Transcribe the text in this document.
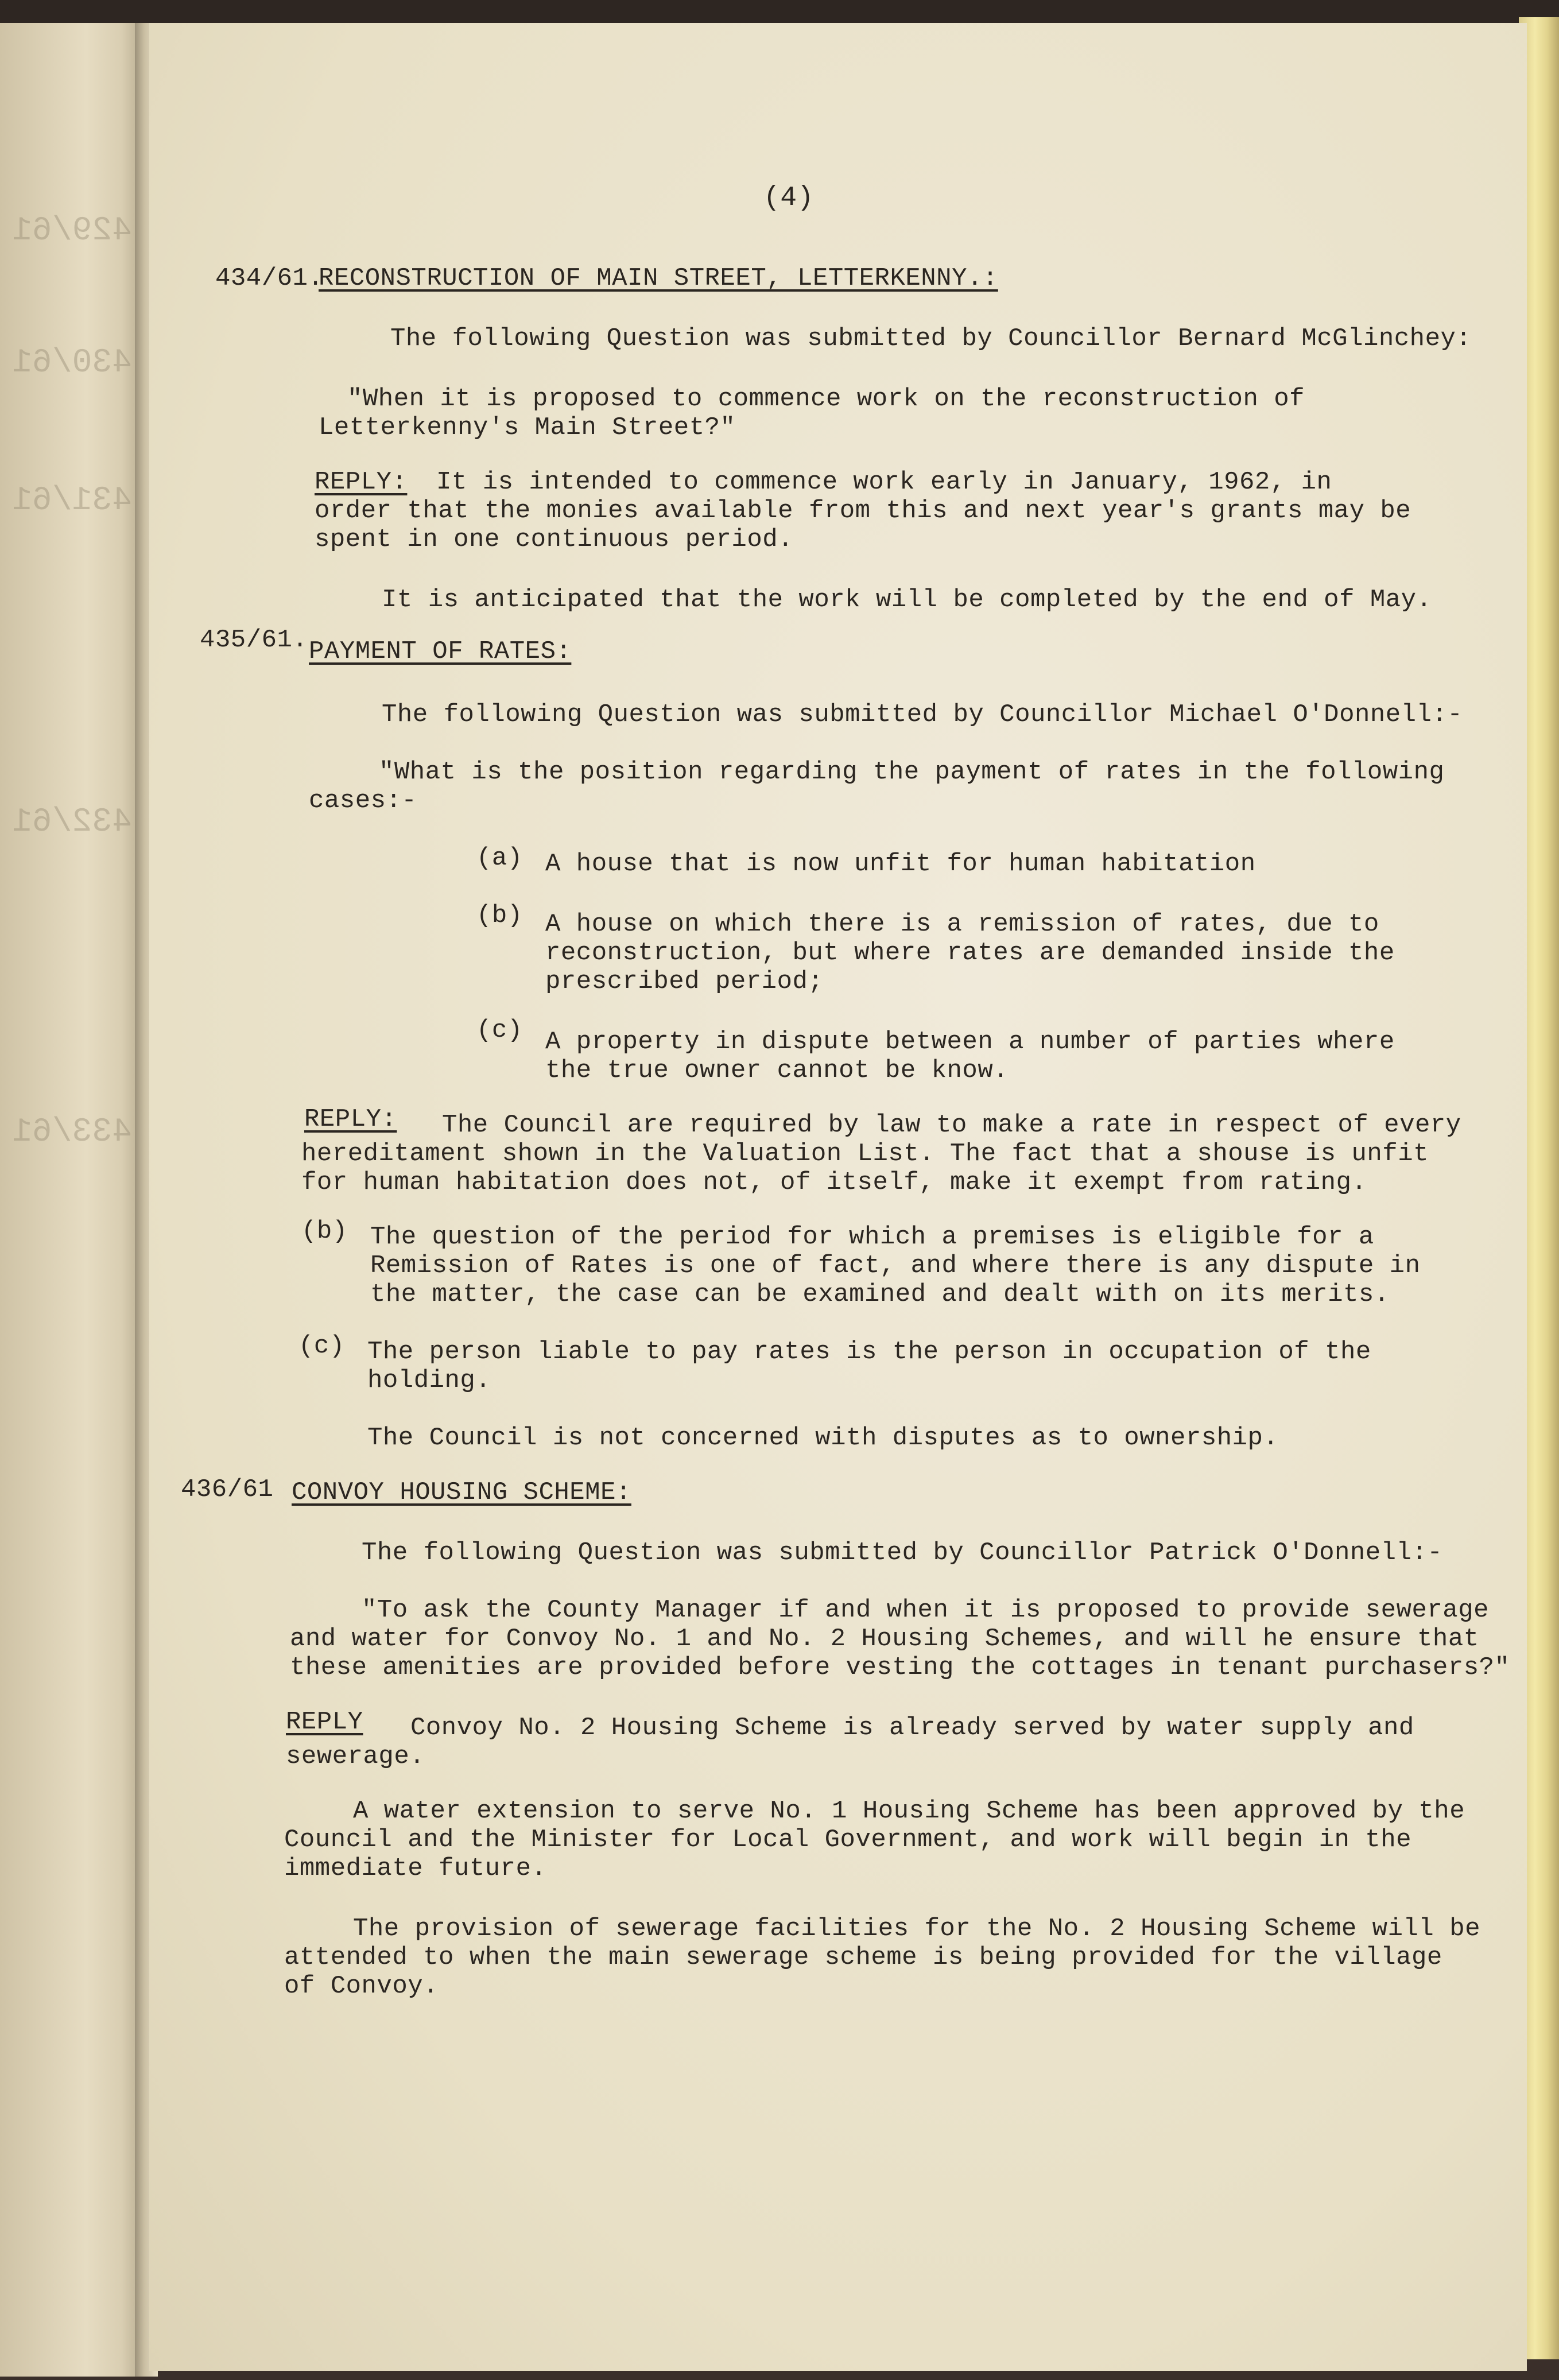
429/61
430/61
431/61
432/61
433/61
(4)
434/61.
RECONSTRUCTION OF MAIN STREET, LETTERKENNY.:
The following Question was submitted by Councillor Bernard McGlinchey:
"When it is proposed to commence work on the reconstruction of
Letterkenny's Main Street?"
REPLY: It is intended to commence work early in January, 1962, in
order that the monies available from this and next year's grants may be
spent in one continuous period.
It is anticipated that the work will be completed by the end of May.
435/61. PAYMENT OF RATES:
The following Question was submitted by Councillor Michael O'Donnell:-
"What is the position regarding the payment of rates in the following
cases:-
(a) A house that is now unfit for human habitation
(b) A house on which there is a remission of rates, due to
reconstruction, but where rates are demanded inside the
prescribed period;
(c) A property in dispute between a number of parties where
the true owner cannot be know.
REPLY: The Council are required by law to make a rate in respect of every
hereditament shown in the Valuation List. The fact that a shouse is unfit
for human habitation does not, of itself, make it exempt from rating.
(b) The question of the period for which a premises is eligible for a
Remission of Rates is one of fact, and where there is any dispute in
the matter, the case can be examined and dealt with on its merits.
(c) The person liable to pay rates is the person in occupation of the
holding.
The Council is not concerned with disputes as to ownership.
436/61 CONVOY HOUSING SCHEME:
The following Question was submitted by Councillor Patrick O'Donnell:-
"To ask the County Manager if and when it is proposed to provide sewerage
and water for Convoy No. 1 and No. 2 Housing Schemes, and will he ensure that
these amenities are provided before vesting the cottages in tenant purchasers?"
REPLY Convoy No. 2 Housing Scheme is already served by water supply and
sewerage.
A water extension to serve No. 1 Housing Scheme has been approved by the
Council and the Minister for Local Government, and work will begin in the
immediate future.
The provision of sewerage facilities for the No. 2 Housing Scheme will be
attended to when the main sewerage scheme is being provided for the village
of Convoy.
